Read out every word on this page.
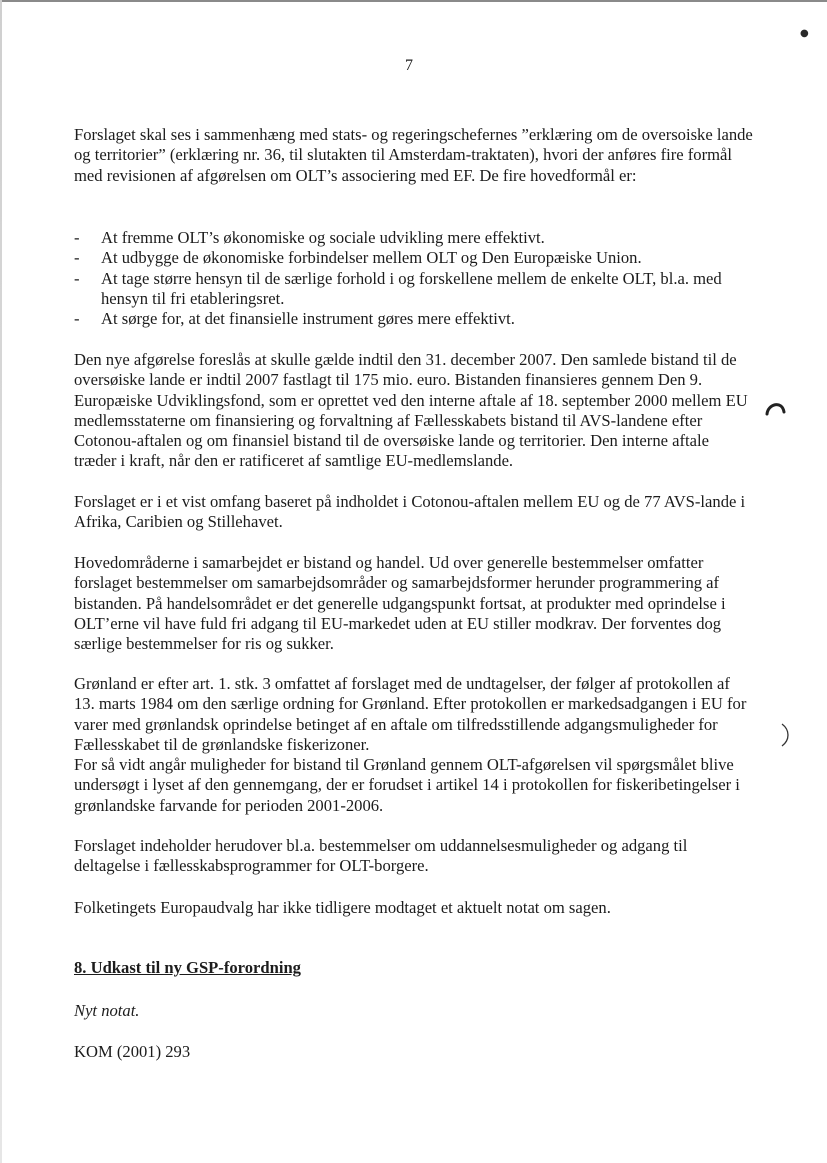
7

Forslaget skal ses i sammenhæng med stats- og regeringschefernes ”erklæring om de oversoiske lande og territorier” (erklæring nr. 36, til slutakten til Amsterdam-traktaten), hvori der anføres fire formål med revisionen af afgørelsen om OLT’s associering med EF. De fire hovedformål er:

- At fremme OLT’s økonomiske og sociale udvikling mere effektivt.
- At udbygge de økonomiske forbindelser mellem OLT og Den Europæiske Union.
- At tage større hensyn til de særlige forhold i og forskellene mellem de enkelte OLT, bl.a. med hensyn til fri etableringsret.
- At sørge for, at det finansielle instrument gøres mere effektivt.

Den nye afgørelse foreslås at skulle gælde indtil den 31. december 2007. Den samlede bistand til de oversøiske lande er indtil 2007 fastlagt til 175 mio. euro. Bistanden finansieres gennem Den 9. Europæiske Udviklingsfond, som er oprettet ved den interne aftale af 18. september 2000 mellem EU medlemsstaterne om finansiering og forvaltning af Fællesskabets bistand til AVS-landene efter Cotonou-aftalen og om finansiel bistand til de oversøiske lande og territorier. Den interne aftale træder i kraft, når den er ratificeret af samtlige EU-medlemslande.

Forslaget er i et vist omfang baseret på indholdet i Cotonou-aftalen mellem EU og de 77 AVS-lande i Afrika, Caribien og Stillehavet.

Hovedområderne i samarbejdet er bistand og handel. Ud over generelle bestemmelser omfatter forslaget bestemmelser om samarbejdsområder og samarbejdsformer herunder programmering af bistanden. På handelsområdet er det generelle udgangspunkt fortsat, at produkter med oprindelse i OLT’erne vil have fuld fri adgang til EU-markedet uden at EU stiller modkrav. Der forventes dog særlige bestemmelser for ris og sukker.

Grønland er efter art. 1. stk. 3 omfattet af forslaget med de undtagelser, der følger af protokollen af 13. marts 1984 om den særlige ordning for Grønland. Efter protokollen er markedsadgangen i EU for varer med grønlandsk oprindelse betinget af en aftale om tilfredsstillende adgangsmuligheder for Fællesskabet til de grønlandske fiskerizoner.

For så vidt angår muligheder for bistand til Grønland gennem OLT-afgørelsen vil spørgsmålet blive undersøgt i lyset af den gennemgang, der er forudset i artikel 14 i protokollen for fiskeribetingelser i grønlandske farvande for perioden 2001-2006.

Forslaget indeholder herudover bl.a. bestemmelser om uddannelsesmuligheder og adgang til deltagelse i fællesskabsprogrammer for OLT-borgere.

Folketingets Europaudvalg har ikke tidligere modtaget et aktuelt notat om sagen.

8. Udkast til ny GSP-forordning

Nyt notat.

KOM (2001) 293

●
